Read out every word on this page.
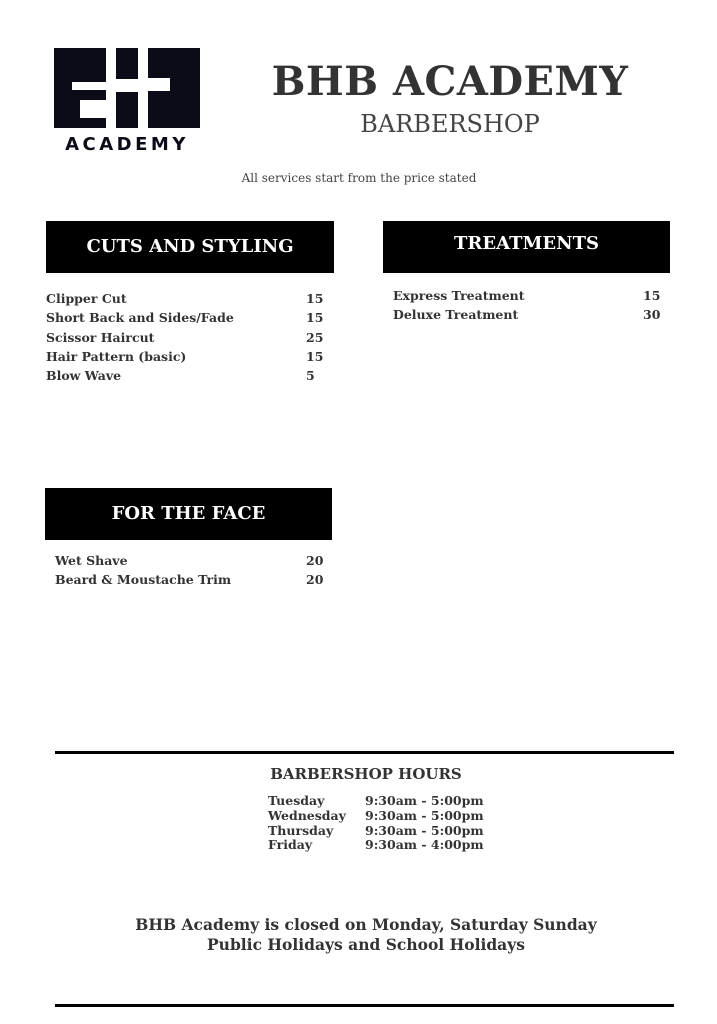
ACADEMY
BHB ACADEMY
BARBERSHOP
All services start from the price stated
CUTS AND STYLING
Clipper Cut	15
Short Back and Sides/Fade	15
Scissor Haircut	25
Hair Pattern (basic)	15
Blow Wave	5
TREATMENTS
Express Treatment	15
Deluxe Treatment	30
FOR THE FACE
Wet Shave	20
Beard & Moustache Trim	20
BARBERSHOP HOURS
Tuesday	9:30am - 5:00pm
Wednesday 9:30am - 5:00pm
Thursday	9:30am - 5:00pm
Friday	9:30am - 4:00pm
BHB Academy is closed on Monday, Saturday Sunday
Public Holidays and School Holidays
